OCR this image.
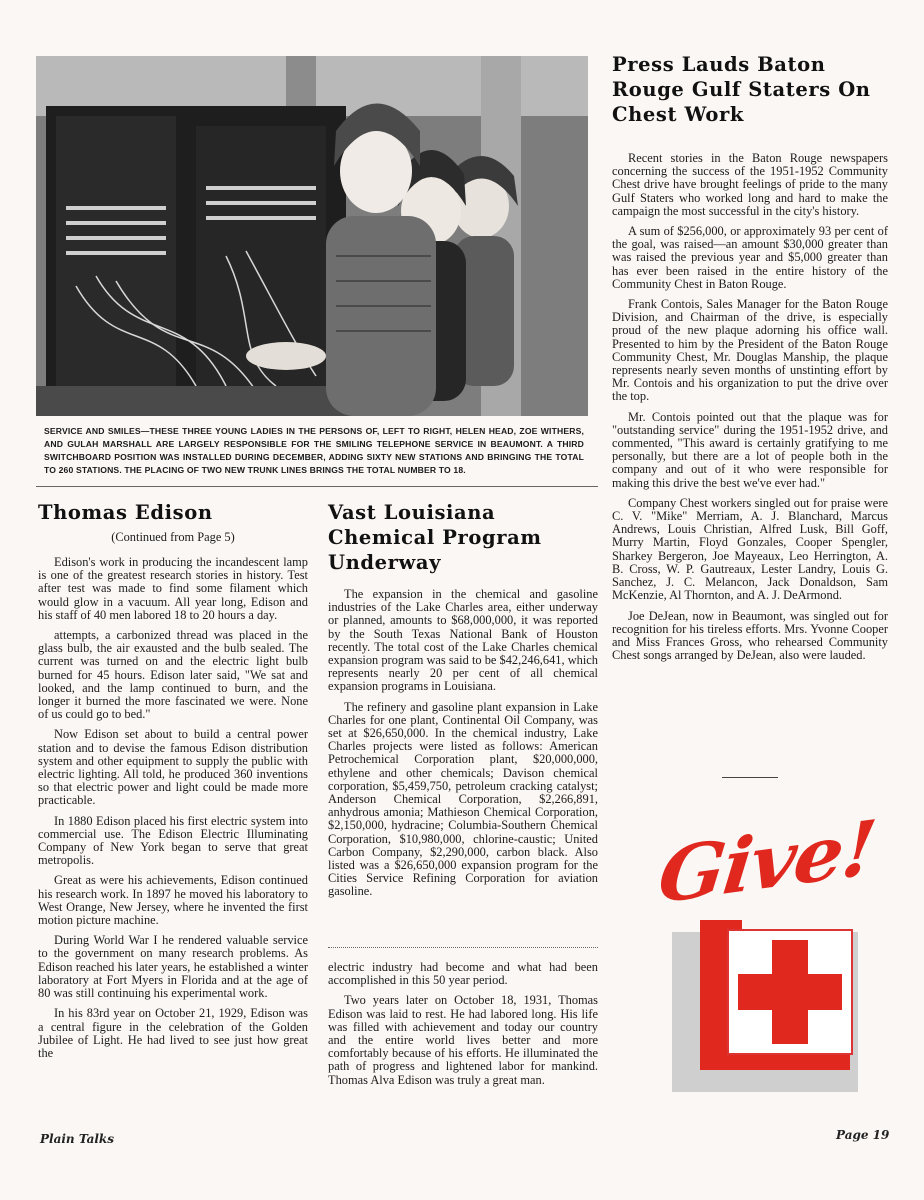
SERVICE AND SMILES—THESE THREE YOUNG LADIES IN THE PERSONS OF, LEFT TO RIGHT, HELEN HEAD, ZOE WITHERS, AND GULAH MARSHALL ARE LARGELY RESPONSIBLE FOR THE SMILING TELEPHONE SERVICE IN BEAUMONT. A THIRD SWITCHBOARD POSITION WAS INSTALLED DURING DECEMBER, ADDING SIXTY NEW STATIONS AND BRINGING THE TOTAL TO 260 STATIONS. THE PLACING OF TWO NEW TRUNK LINES BRINGS THE TOTAL NUMBER TO 18.
Thomas Edison
(Continued from Page 5)

Edison's work in producing the incandescent lamp is one of the greatest research stories in history. Test after test was made to find some filament which would glow in a vacuum. All year long, Edison and his staff of 40 men labored 18 to 20 hours a day.

attempts, a carbonized thread was placed in the glass bulb, the air exausted and the bulb sealed. The current was turned on and the electric light bulb burned for 45 hours. Edison later said, "We sat and looked, and the lamp continued to burn, and the longer it burned the more fascinated we were. None of us could go to bed."

Now Edison set about to build a central power station and to devise the famous Edison distribution system and other equipment to supply the public with electric lighting. All told, he produced 360 inventions so that electric power and light could be made more practicable.

In 1880 Edison placed his first electric system into commercial use. The Edison Electric Illuminating Company of New York began to serve that great metropolis.

Great as were his achievements, Edison continued his research work. In 1897 he moved his laboratory to West Orange, New Jersey, where he invented the first motion picture machine.

During World War I he rendered valuable service to the government on many research problems. As Edison reached his later years, he established a winter laboratory at Fort Myers in Florida and at the age of 80 was still continuing his experimental work.

In his 83rd year on October 21, 1929, Edison was a central figure in the celebration of the Golden Jubilee of Light. He had lived to see just how great the

Vast Louisiana Chemical Program Underway

The expansion in the chemical and gasoline industries of the Lake Charles area, either underway or planned, amounts to $68,000,000, it was reported by the South Texas National Bank of Houston recently. The total cost of the Lake Charles chemical expansion program was said to be $42,246,641, which represents nearly 20 per cent of all chemical expansion programs in Louisiana.

The refinery and gasoline plant expansion in Lake Charles for one plant, Continental Oil Company, was set at $26,650,000. In the chemical industry, Lake Charles projects were listed as follows: American Petrochemical Corporation plant, $20,000,000, ethylene and other chemicals; Davison chemical corporation, $5,459,750, petroleum cracking catalyst; Anderson Chemical Corporation, $2,266,891, anhydrous amonia; Mathieson Chemical Corporation, $2,150,000, hydracine; Columbia-Southern Chemical Corporation, $10,980,000, chlorine-caustic; United Carbon Company, $2,290,000, carbon black. Also listed was a $26,650,000 expansion program for the Cities Service Refining Corporation for aviation gasoline.

electric industry had become and what had been accomplished in this 50 year period.

Two years later on October 18, 1931, Thomas Edison was laid to rest. He had labored long. His life was filled with achievement and today our country and the entire world lives better and more comfortably because of his efforts. He illuminated the path of progress and lightened labor for mankind. Thomas Alva Edison was truly a great man.

Press Lauds Baton Rouge Gulf Staters On Chest Work

Recent stories in the Baton Rouge newspapers concerning the success of the 1951-1952 Community Chest drive have brought feelings of pride to the many Gulf Staters who worked long and hard to make the campaign the most successful in the city's history.

A sum of $256,000, or approximately 93 per cent of the goal, was raised—an amount $30,000 greater than was raised the previous year and $5,000 greater than has ever been raised in the entire history of the Community Chest in Baton Rouge.

Frank Contois, Sales Manager for the Baton Rouge Division, and Chairman of the drive, is especially proud of the new plaque adorning his office wall. Presented to him by the President of the Baton Rouge Community Chest, Mr. Douglas Manship, the plaque represents nearly seven months of unstinting effort by Mr. Contois and his organization to put the drive over the top.

Mr. Contois pointed out that the plaque was for "outstanding service" during the 1951-1952 drive, and commented, "This award is certainly gratifying to me personally, but there are a lot of people both in the company and out of it who were responsible for making this drive the best we've ever had."

Company Chest workers singled out for praise were C. V. "Mike" Merriam, A. J. Blanchard, Marcus Andrews, Louis Christian, Alfred Lusk, Bill Goff, Murry Martin, Floyd Gonzales, Cooper Spengler, Sharkey Bergeron, Joe Mayeaux, Leo Herrington, A. B. Cross, W. P. Gautreaux, Lester Landry, Louis G. Sanchez, J. C. Melancon, Jack Donaldson, Sam McKenzie, Al Thornton, and A. J. DeArmond.

Joe DeJean, now in Beaumont, was singled out for recognition for his tireless efforts. Mrs. Yvonne Cooper and Miss Frances Gross, who rehearsed Community Chest songs arranged by DeJean, also were lauded.

Give!
Plain Talks	Page 19
